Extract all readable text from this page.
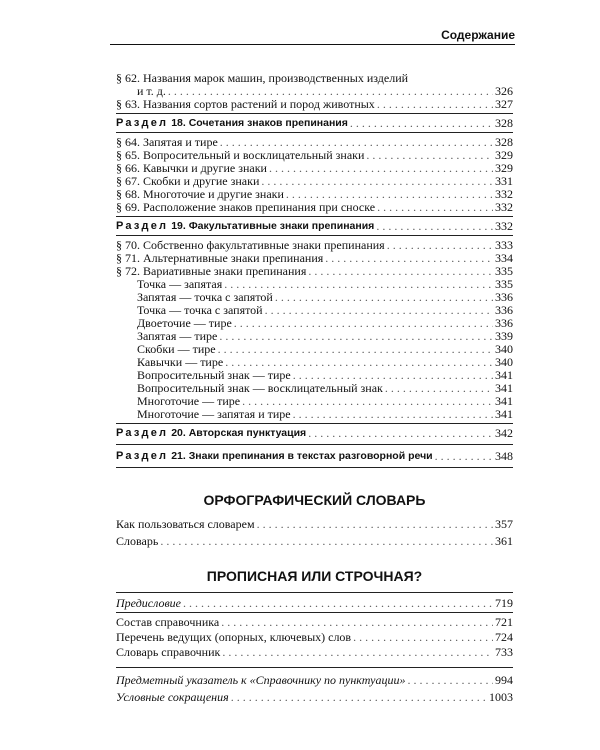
Содержание
§ 62. Названия марок машин, производственных изделий
и т. д. . . .	326
§ 63. Названия сортов растений и пород животных . . .	327
Раздел 18. Сочетания знаков препинания . . .	328
§ 64. Запятая и тире . . .	328
§ 65. Вопросительный и восклицательный знаки . . .	329
§ 66. Кавычки и другие знаки . . .	329
§ 67. Скобки и другие знаки . . .	331
§ 68. Многоточие и другие знаки . . .	332
§ 69. Расположение знаков препинания при сноске . . .	332
Раздел 19. Факультативные знаки препинания . . .	332
§ 70. Собственно факультативные знаки препинания . . .	333
§ 71. Альтернативные знаки препинания . . .	334
§ 72. Вариативные знаки препинания . . .	335
Точка — запятая . . .	335
Запятая — точка с запятой . . .	336
Точка — точка с запятой . . .	336
Двоеточие — тире . . .	336
Запятая — тире . . .	339
Скобки — тире . . .	340
Кавычки — тире . . .	340
Вопросительный знак — тире . . .	341
Вопросительный знак — восклицательный знак . . .	341
Многоточие — тире . . .	341
Многоточие — запятая и тире . . .	341
Раздел 20. Авторская пунктуация . . .	342
Раздел 21. Знаки препинания в текстах разговорной речи . . .	348
ОРФОГРАФИЧЕСКИЙ СЛОВАРЬ
Как пользоваться словарем . . .	357
Словарь . . .	361
ПРОПИСНАЯ ИЛИ СТРОЧНАЯ?
Предисловие . . .	719
Состав справочника . . .	721
Перечень ведущих (опорных, ключевых) слов . . .	724
Словарь справочник . . .	733
Предметный указатель к «Справочнику по пунктуации» . . .	994
Условные сокращения . . .	1003
